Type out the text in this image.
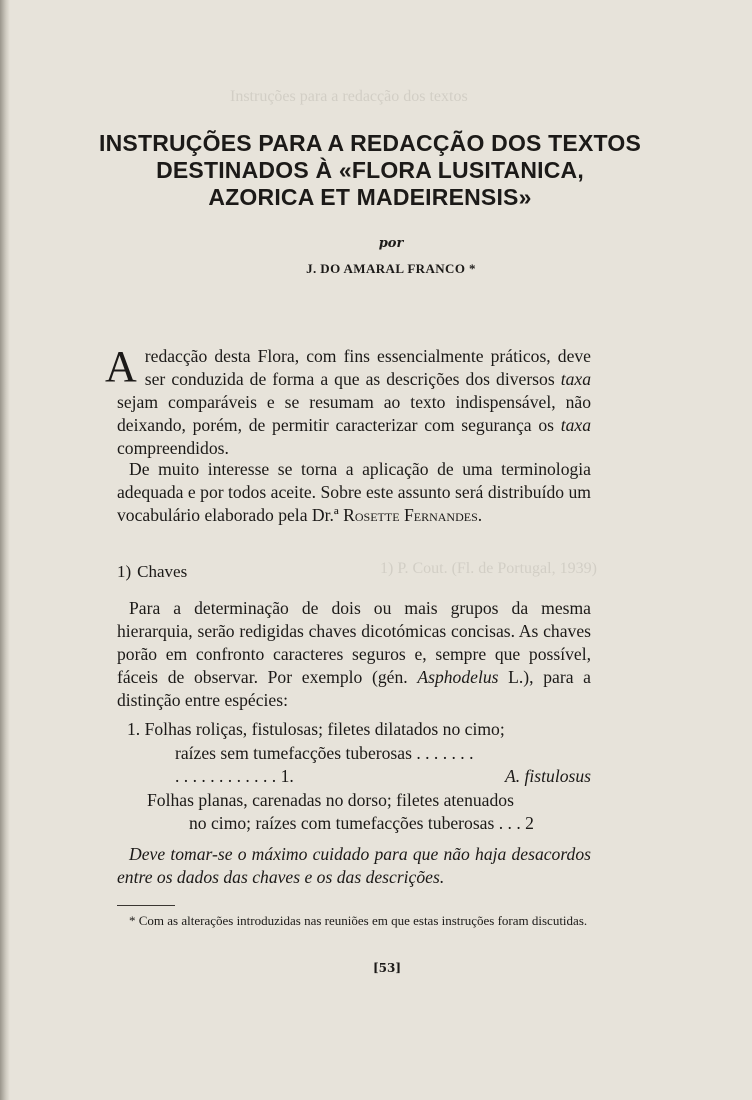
Instruções para a redacção dos textos
1) P. Cout. (Fl. de Portugal, 1939)
INSTRUÇÕES PARA A REDACÇÃO DOS TEXTOS
DESTINADOS À «FLORA LUSITANICA,
AZORICA ET MADEIRENSIS»
por
J. DO AMARAL FRANCO *
Aredacção desta Flora, com fins essencialmente práticos, deve ser conduzida de forma a que as descrições dos diversos taxa sejam comparáveis e se resumam ao texto indispensável, não deixando, porém, de permitir caracterizar com segurança os taxa compreendidos.
De muito interesse se torna a aplicação de uma terminologia adequada e por todos aceite. Sobre este assunto será distribuído um vocabulário elaborado pela Dr.ª Rosette Fernandes.
1) Chaves
Para a determinação de dois ou mais grupos da mesma hierarquia, serão redigidas chaves dicotómicas concisas. As chaves porão em confronto caracteres seguros e, sempre que possível, fáceis de observar. Por exemplo (gén. Asphodelus L.), para a distinção entre espécies:
1. Folhas roliças, fistulosas; filetes dilatados no cimo;
raízes sem tumefacções tuberosas . . . . . . .
. . . . . . . . . . . . 1.	A. fistulosus
Folhas planas, carenadas no dorso; filetes atenuados
no cimo; raízes com tumefacções tuberosas . . . 2
Deve tomar-se o máximo cuidado para que não haja desacordos entre os dados das chaves e os das descrições.
* Com as alterações introduzidas nas reuniões em que estas instruções foram discutidas.
[53]
